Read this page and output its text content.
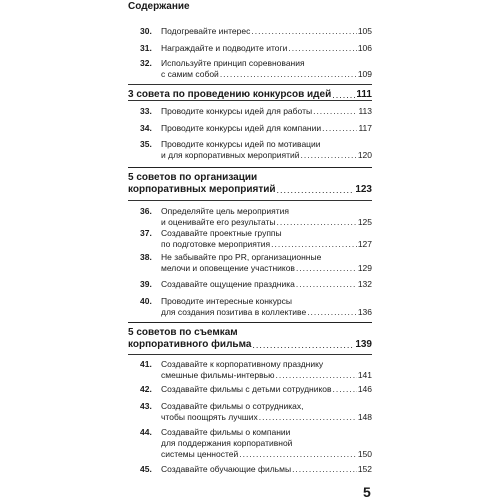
Содержание
30.	Подогревайте интерес .....	105
31.	Награждайте и подводите итоги .....	106
32.	Используйте принцип соревнования
с самим собой .....	109
3 совета по проведению конкурсов идей .....	111
33.	Проводите конкурсы идей для работы .....	113
34.	Проводите конкурсы идей для компании .....	117
35.	Проводите конкурсы идей по мотивации
и для корпоративных мероприятий .....	120
5 советов по организации
корпоративных мероприятий .....	123
36.	Определяйте цель мероприятия
и оценивайте его результаты .....	125
37.	Создавайте проектные группы
по подготовке мероприятия .....	127
38.	Не забывайте про PR, организационные
мелочи и оповещение участников .....	129
39.	Создавайте ощущение праздника .....	132
40.	Проводите интересные конкурсы
для создания позитива в коллективе .....	136
5 советов по съемкам
корпоративного фильма .....	139
41.	Создавайте к корпоративному празднику
смешные фильмы-интервью .....	141
42.	Создавайте фильмы с детьми сотрудников .....	146
43.	Создавайте фильмы о сотрудниках,
чтобы поощрять лучших .....	148
44.	Создавайте фильмы о компании
для поддержания корпоративной
системы ценностей .....	150
45.	Создавайте обучающие фильмы .....	152
5
